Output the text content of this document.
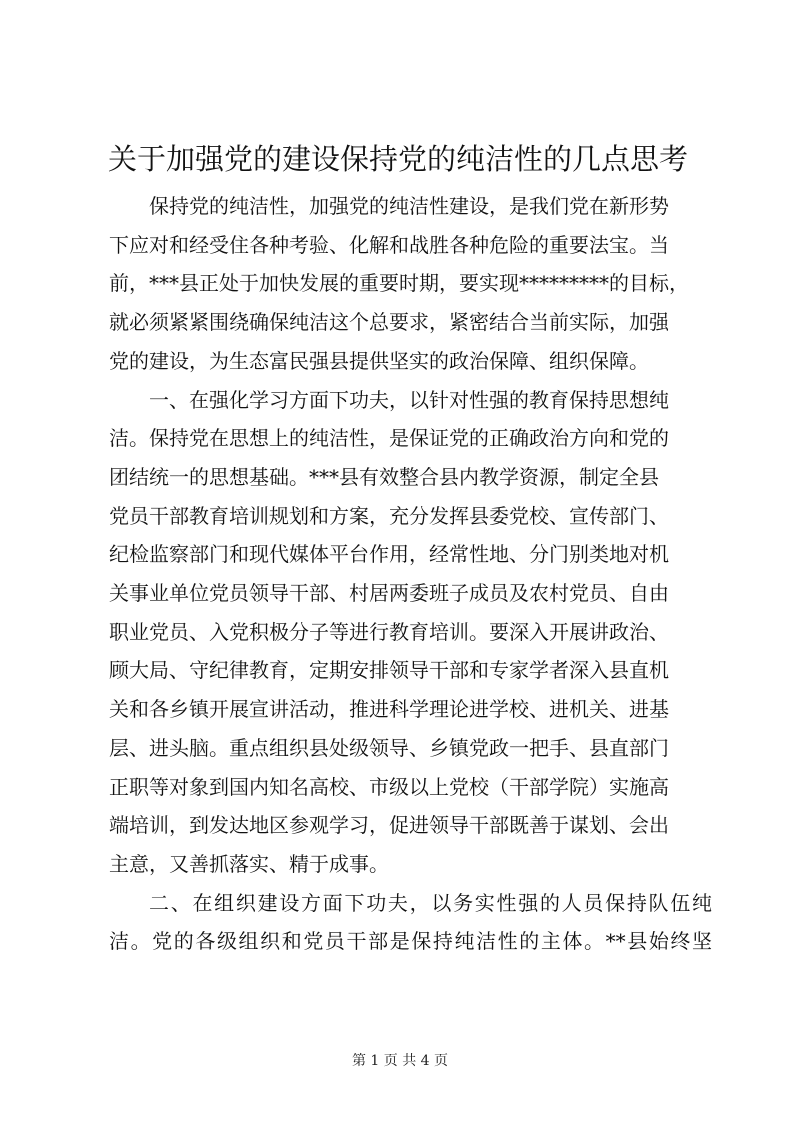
关于加强党的建设保持党的纯洁性的几点思考

保持党的纯洁性，加强党的纯洁性建设，是我们党在新形势
下应对和经受住各种考验、化解和战胜各种危险的重要法宝。当
前，***县正处于加快发展的重要时期，要实现*********的目标，
就必须紧紧围绕确保纯洁这个总要求，紧密结合当前实际，加强
党的建设，为生态富民强县提供坚实的政治保障、组织保障。

一、在强化学习方面下功夫，以针对性强的教育保持思想纯
洁。保持党在思想上的纯洁性，是保证党的正确政治方向和党的
团结统一的思想基础。***县有效整合县内教学资源，制定全县
党员干部教育培训规划和方案，充分发挥县委党校、宣传部门、
纪检监察部门和现代媒体平台作用，经常性地、分门别类地对机
关事业单位党员领导干部、村居两委班子成员及农村党员、自由
职业党员、入党积极分子等进行教育培训。要深入开展讲政治、
顾大局、守纪律教育，定期安排领导干部和专家学者深入县直机
关和各乡镇开展宣讲活动，推进科学理论进学校、进机关、进基
层、进头脑。重点组织县处级领导、乡镇党政一把手、县直部门
正职等对象到国内知名高校、市级以上党校（干部学院）实施高
端培训，到发达地区参观学习，促进领导干部既善于谋划、会出
主意，又善抓落实、精于成事。

二、在组织建设方面下功夫，以务实性强的人员保持队伍纯
洁。党的各级组织和党员干部是保持纯洁性的主体。**县始终坚

第 1 页 共 4 页
